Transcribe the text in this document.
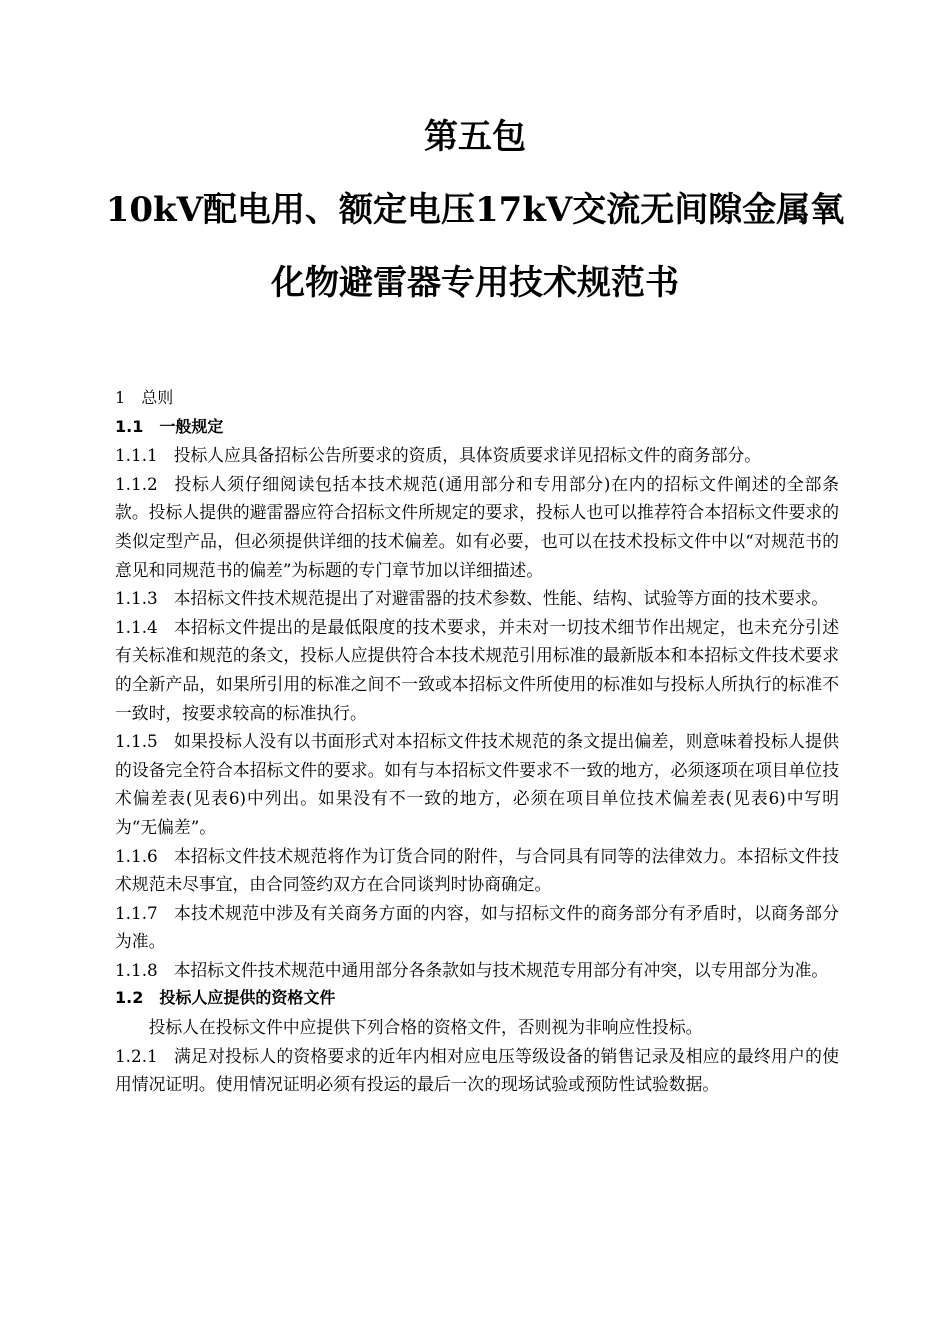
第五包

10kV配电用、额定电压17kV交流无间隙金属氧

化物避雷器专用技术规范书

1 总则

1.1 一般规定

1.1.1 投标人应具备招标公告所要求的资质，具体资质要求详见招标文件的商务部分。

1.1.2 投标人须仔细阅读包括本技术规范(通用部分和专用部分)在内的招标文件阐述的全部条款。投标人提供的避雷器应符合招标文件所规定的要求，投标人也可以推荐符合本招标文件要求的类似定型产品，但必须提供详细的技术偏差。如有必要，也可以在技术投标文件中以“对规范书的意见和同规范书的偏差”为标题的专门章节加以详细描述。

1.1.3 本招标文件技术规范提出了对避雷器的技术参数、性能、结构、试验等方面的技术要求。

1.1.4 本招标文件提出的是最低限度的技术要求，并未对一切技术细节作出规定，也未充分引述有关标准和规范的条文，投标人应提供符合本技术规范引用标准的最新版本和本招标文件技术要求的全新产品，如果所引用的标准之间不一致或本招标文件所使用的标准如与投标人所执行的标准不一致时，按要求较高的标准执行。

1.1.5 如果投标人没有以书面形式对本招标文件技术规范的条文提出偏差，则意味着投标人提供的设备完全符合本招标文件的要求。如有与本招标文件要求不一致的地方，必须逐项在项目单位技术偏差表(见表6)中列出。如果没有不一致的地方，必须在项目单位技术偏差表(见表6)中写明为“无偏差”。

1.1.6 本招标文件技术规范将作为订货合同的附件，与合同具有同等的法律效力。本招标文件技术规范未尽事宜，由合同签约双方在合同谈判时协商确定。

1.1.7 本技术规范中涉及有关商务方面的内容，如与招标文件的商务部分有矛盾时，以商务部分为准。

1.1.8 本招标文件技术规范中通用部分各条款如与技术规范专用部分有冲突，以专用部分为准。

1.2 投标人应提供的资格文件

投标人在投标文件中应提供下列合格的资格文件，否则视为非响应性投标。

1.2.1 满足对投标人的资格要求的近年内相对应电压等级设备的销售记录及相应的最终用户的使用情况证明。使用情况证明必须有投运的最后一次的现场试验或预防性试验数据。
